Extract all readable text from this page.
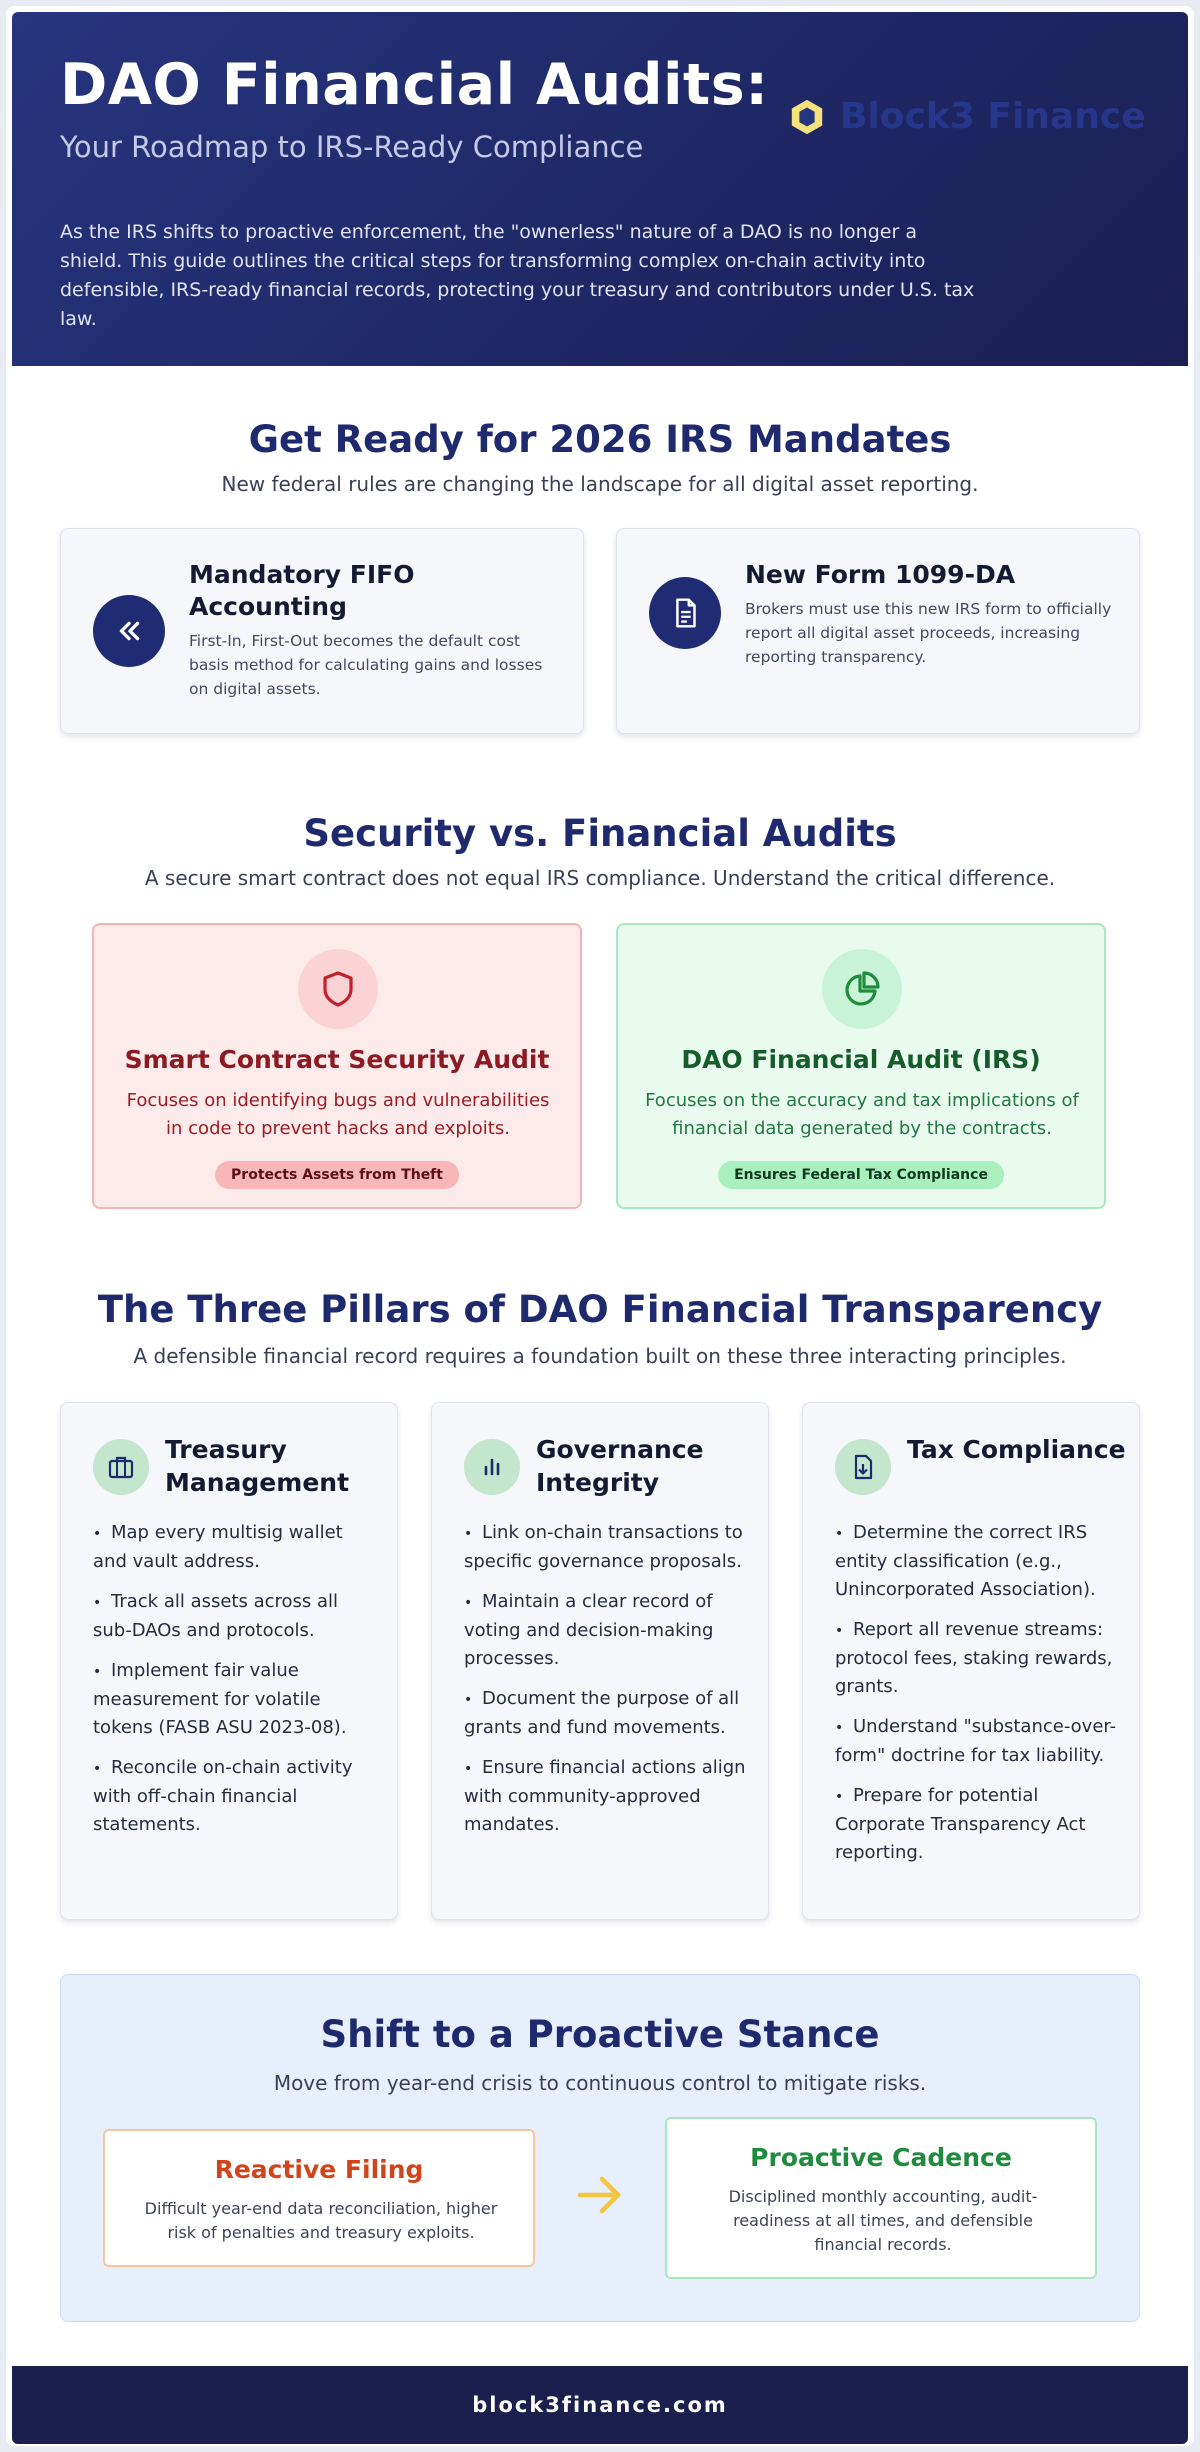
DAO Financial Audits:
Your Roadmap to IRS-Ready Compliance
Block3 Finance
As the IRS shifts to proactive enforcement, the "ownerless" nature of a DAO is no longer a shield. This guide outlines the critical steps for transforming complex on-chain activity into defensible, IRS-ready financial records, protecting your treasury and contributors under U.S. tax law.
Get Ready for 2026 IRS Mandates
New federal rules are changing the landscape for all digital asset reporting.
Mandatory FIFO Accounting

First-In, First-Out becomes the default cost basis method for calculating gains and losses on digital assets.

New Form 1099-DA

Brokers must use this new IRS form to officially report all digital asset proceeds, increasing reporting transparency.

Security vs. Financial Audits
A secure smart contract does not equal IRS compliance. Understand the critical difference.
Smart Contract Security Audit

Focuses on identifying bugs and vulnerabilities in code to prevent hacks and exploits.

Protects Assets from Theft
DAO Financial Audit (IRS)

Focuses on the accuracy and tax implications of financial data generated by the contracts.

Ensures Federal Tax Compliance
The Three Pillars of DAO Financial Transparency
A defensible financial record requires a foundation built on these three interacting principles.
Treasury Management
• Map every multisig wallet and vault address.
• Track all assets across all sub-DAOs and protocols.
• Implement fair value measurement for volatile tokens (FASB ASU 2023-08).
• Reconcile on-chain activity with off-chain financial statements.
Governance Integrity
• Link on-chain transactions to specific governance proposals.
• Maintain a clear record of voting and decision-making processes.
• Document the purpose of all grants and fund movements.
• Ensure financial actions align with community-approved mandates.
Tax Compliance
• Determine the correct IRS entity classification (e.g., Unincorporated Association).
• Report all revenue streams: protocol fees, staking rewards, grants.
• Understand "substance-over-form" doctrine for tax liability.
• Prepare for potential Corporate Transparency Act reporting.
Shift to a Proactive Stance
Move from year-end crisis to continuous control to mitigate risks.
Reactive Filing

Difficult year-end data reconciliation, higher risk of penalties and treasury exploits.

Proactive Cadence

Disciplined monthly accounting, audit-readiness at all times, and defensible financial records.

block3finance.com
